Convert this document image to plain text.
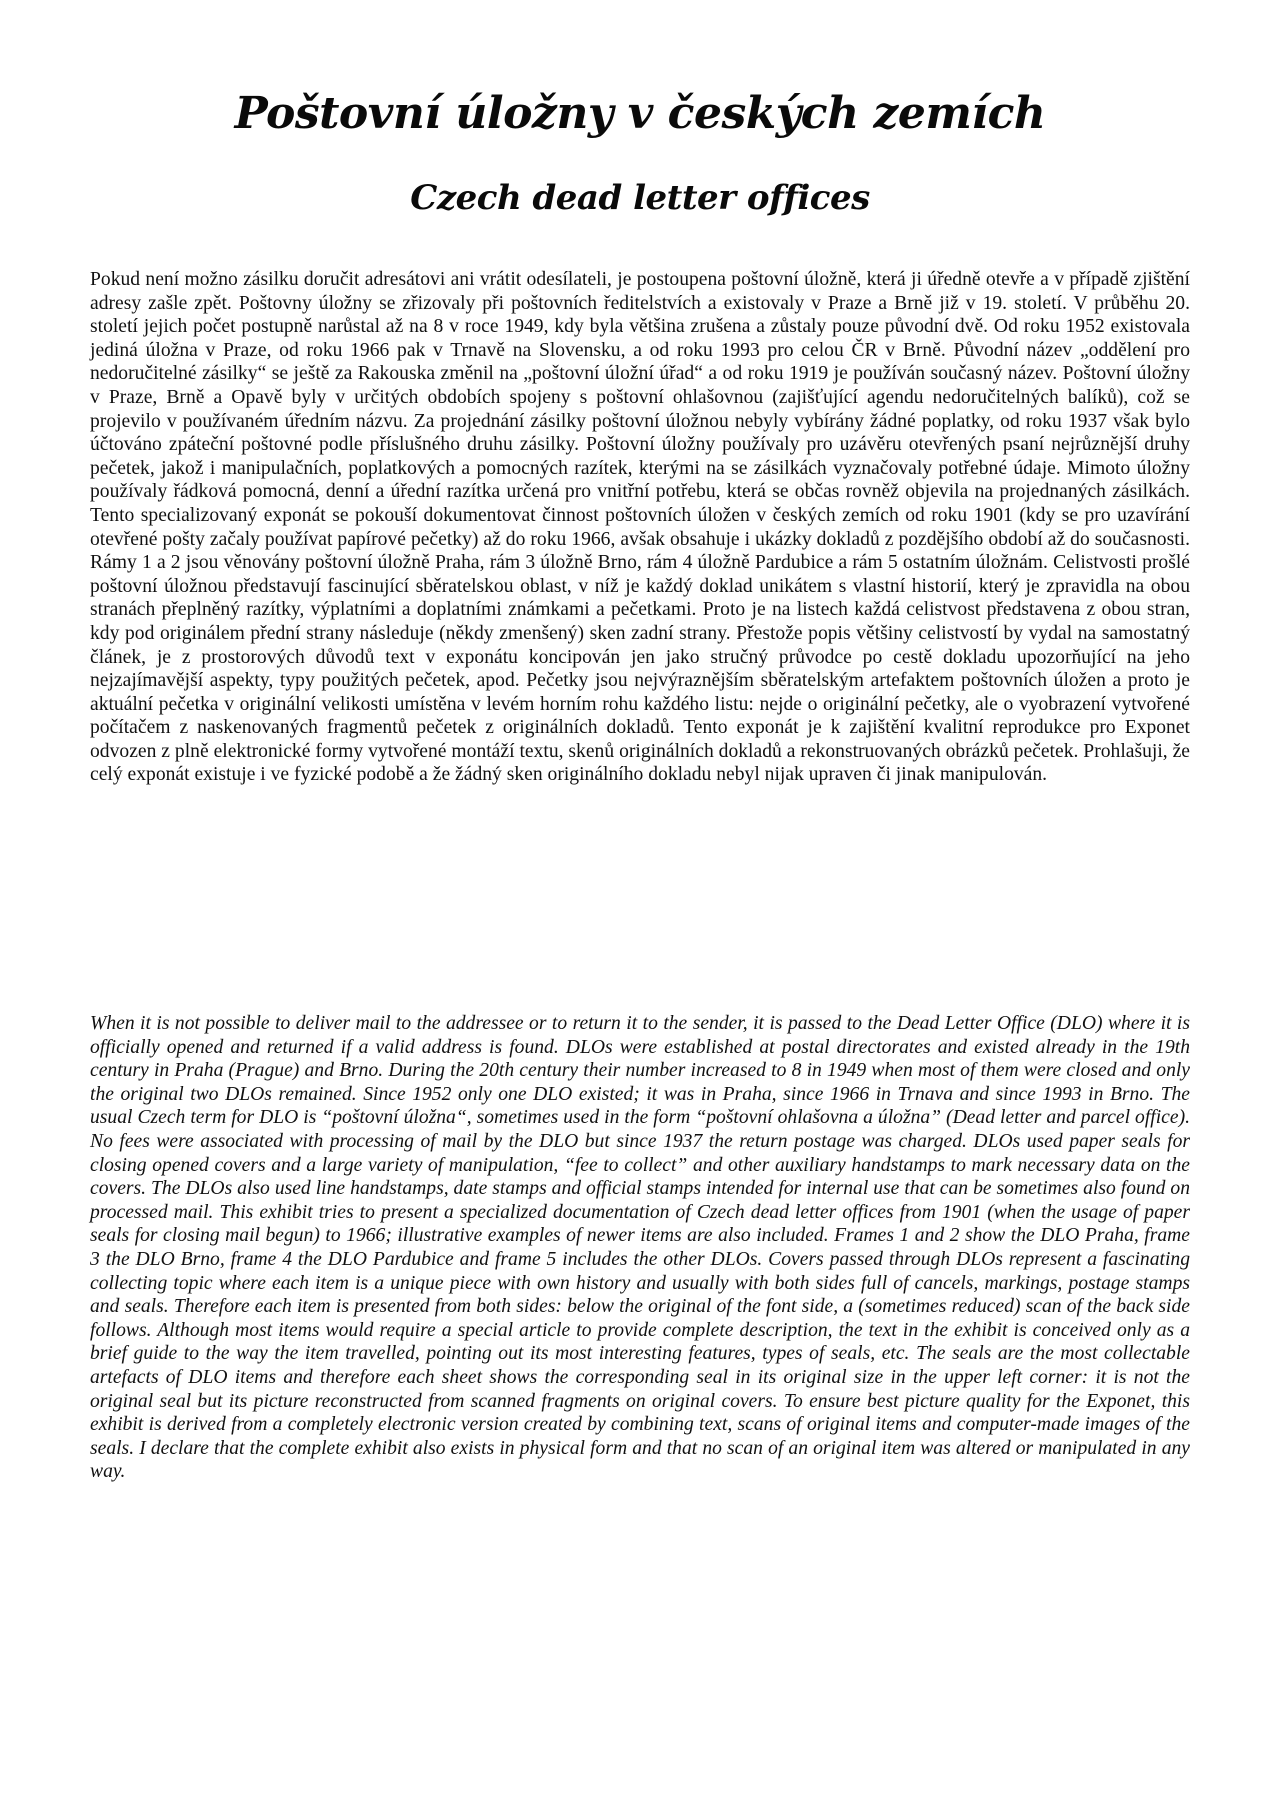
Poštovní úložny v českých zemích
Czech dead letter offices

Pokud není možno zásilku doručit adresátovi ani vrátit odesílateli, je postoupena poštovní úložně, která ji úředně otevře a v případě zjištění adresy zašle zpět. Poštovny úložny se zřizovaly při poštovních ředitelstvích a existovaly v Praze a Brně již v 19. století. V průběhu 20. století jejich počet postupně narůstal až na 8 v roce 1949, kdy byla většina zrušena a zůstaly pouze původní dvě. Od roku 1952 existovala jediná úložna v Praze, od roku 1966 pak v Trnavě na Slovensku, a od roku 1993 pro celou ČR v Brně. Původní název „oddělení pro nedoručitelné zásilky“ se ještě za Rakouska změnil na „poštovní úložní úřad“ a od roku 1919 je používán současný název. Poštovní úložny v Praze, Brně a Opavě byly v určitých obdobích spojeny s poštovní ohlašovnou (zajišťující agendu nedoručitelných balíků), což se projevilo v používaném úředním názvu. Za projednání zásilky poštovní úložnou nebyly vybírány žádné poplatky, od roku 1937 však bylo účtováno zpáteční poštovné podle příslušného druhu zásilky. Poštovní úložny používaly pro uzávěru otevřených psaní nejrůznější druhy pečetek, jakož i manipulačních, poplatkových a pomocných razítek, kterými na se zásilkách vyznačovaly potřebné údaje. Mimoto úložny používaly řádková pomocná, denní a úřední razítka určená pro vnitřní potřebu, která se občas rovněž objevila na projednaných zásilkách. Tento specializovaný exponát se pokouší dokumentovat činnost poštovních úložen v českých zemích od roku 1901 (kdy se pro uzavírání otevřené pošty začaly používat papírové pečetky) až do roku 1966, avšak obsahuje i ukázky dokladů z pozdějšího období až do současnosti. Rámy 1 a 2 jsou věnovány poštovní úložně Praha, rám 3 úložně Brno, rám 4 úložně Pardubice a rám 5 ostatním úložnám. Celistvosti prošlé poštovní úložnou představují fascinující sběratelskou oblast, v níž je každý doklad unikátem s vlastní historií, který je zpravidla na obou stranách přeplněný razítky, výplatními a doplatními známkami a pečetkami. Proto je na listech každá celistvost představena z obou stran, kdy pod originálem přední strany následuje (někdy zmenšený) sken zadní strany. Přestože popis většiny celistvostí by vydal na samostatný článek, je z prostorových důvodů text v exponátu koncipován jen jako stručný průvodce po cestě dokladu upozorňující na jeho nejzajímavější aspekty, typy použitých pečetek, apod. Pečetky jsou nejvýraznějším sběratelským artefaktem poštovních úložen a proto je aktuální pečetka v originální velikosti umístěna v levém horním rohu každého listu: nejde o originální pečetky, ale o vyobrazení vytvořené počítačem z naskenovaných fragmentů pečetek z originálních dokladů. Tento exponát je k zajištění kvalitní reprodukce pro Exponet odvozen z plně elektronické formy vytvořené montáží textu, skenů originálních dokladů a rekonstruovaných obrázků pečetek. Prohlašuji, že celý exponát existuje i ve fyzické podobě a že žádný sken originálního dokladu nebyl nijak upraven či jinak manipulován.

When it is not possible to deliver mail to the addressee or to return it to the sender, it is passed to the Dead Letter Office (DLO) where it is officially opened and returned if a valid address is found. DLOs were established at postal directorates and existed already in the 19th century in Praha (Prague) and Brno. During the 20th century their number increased to 8 in 1949 when most of them were closed and only the original two DLOs remained. Since 1952 only one DLO existed; it was in Praha, since 1966 in Trnava and since 1993 in Brno. The usual Czech term for DLO is “poštovní úložna“, sometimes used in the form “poštovní ohlašovna a úložna” (Dead letter and parcel office). No fees were associated with processing of mail by the DLO but since 1937 the return postage was charged. DLOs used paper seals for closing opened covers and a large variety of manipulation, “fee to collect” and other auxiliary handstamps to mark necessary data on the covers. The DLOs also used line handstamps, date stamps and official stamps intended for internal use that can be sometimes also found on processed mail. This exhibit tries to present a specialized documentation of Czech dead letter offices from 1901 (when the usage of paper seals for closing mail begun) to 1966; illustrative examples of newer items are also included. Frames 1 and 2 show the DLO Praha, frame 3 the DLO Brno, frame 4 the DLO Pardubice and frame 5 includes the other DLOs. Covers passed through DLOs represent a fascinating collecting topic where each item is a unique piece with own history and usually with both sides full of cancels, markings, postage stamps and seals. Therefore each item is presented from both sides: below the original of the font side, a (sometimes reduced) scan of the back side follows. Although most items would require a special article to provide complete description, the text in the exhibit is conceived only as a brief guide to the way the item travelled, pointing out its most interesting features, types of seals, etc. The seals are the most collectable artefacts of DLO items and therefore each sheet shows the corresponding seal in its original size in the upper left corner: it is not the original seal but its picture reconstructed from scanned fragments on original covers. To ensure best picture quality for the Exponet, this exhibit is derived from a completely electronic version created by combining text, scans of original items and computer-made images of the seals. I declare that the complete exhibit also exists in physical form and that no scan of an original item was altered or manipulated in any way.
